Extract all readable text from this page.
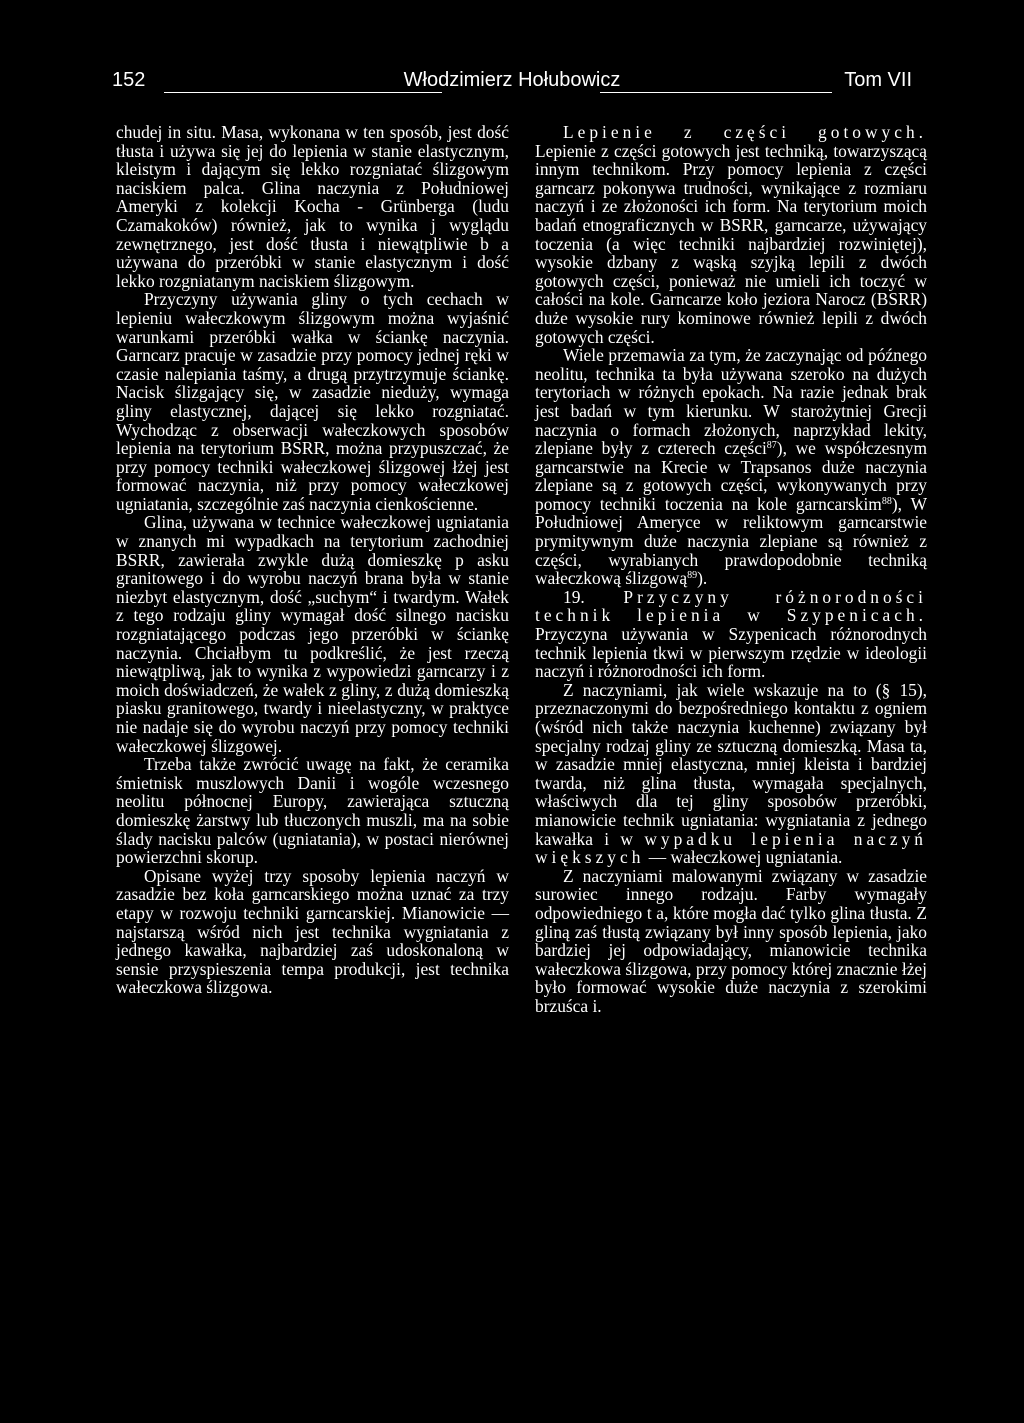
152	Włodzimierz Hołubowicz	Tom VII

chudej in situ. Masa, wykonana w ten sposób, jest dość tłusta i używa się jej do lepienia w stanie elastycznym, kleistym i dającym się lekko rozgniatać ślizgowym naciskiem palca. Glina naczynia z Południowej Ameryki z kolekcji Kocha - Grünberga (ludu Czamakoków) również, jak to wynika j wyglądu zewnętrznego, jest dość tłusta i niewątpliwie b a używana do przeróbki w stanie elastycznym i dość lekko rozgniatanym naciskiem ślizgowym.

Przyczyny używania gliny o tych cechach w lepieniu wałeczkowym ślizgowym można wyjaśnić warunkami przeróbki wałka w ściankę naczynia. Garncarz pracuje w zasadzie przy pomocy jednej ręki w czasie nalepiania taśmy, a drugą przytrzymuje ściankę. Nacisk ślizgający się, w zasadzie nieduży, wymaga gliny elastycznej, dającej się lekko rozgniatać. Wychodząc z obserwacji wałeczkowych sposobów lepienia na terytorium BSRR, można przypuszczać, że przy pomocy techniki wałeczkowej ślizgowej łżej jest formować naczynia, niż przy pomocy wałeczkowej ugniatania, szczególnie zaś naczynia cienkościenne.

Glina, używana w technice wałeczkowej ugniatania w znanych mi wypadkach na terytorium zachodniej BSRR, zawierała zwykle dużą domieszkę p asku granitowego i do wyrobu naczyń brana była w stanie niezbyt elastycznym, dość „suchym“ i twardym. Wałek z tego rodzaju gliny wymagał dość silnego nacisku rozgniatającego podczas jego przeróbki w ściankę naczynia. Chciałbym tu podkreślić, że jest rzeczą niewątpliwą, jak to wynika z wypowiedzi garncarzy i z moich doświadczeń, że wałek z gliny, z dużą domieszką piasku granitowego, twardy i nieelastyczny, w praktyce nie nadaje się do wyrobu naczyń przy pomocy techniki wałeczkowej ślizgowej.

Trzeba także zwrócić uwagę na fakt, że ceramika śmietnisk muszlowych Danii i wogóle wczesnego neolitu północnej Europy, zawierająca sztuczną domieszkę żarstwy lub tłuczonych muszli, ma na sobie ślady nacisku palców (ugniatania), w postaci nierównej powierzchni skorup.

Opisane wyżej trzy sposoby lepienia naczyń w zasadzie bez koła garncarskiego można uznać za trzy etapy w rozwoju techniki garncarskiej. Mianowicie — najstarszą wśród nich jest technika wygniatania z jednego kawałka, najbardziej zaś udoskonaloną w sensie przyspieszenia tempa produkcji, jest technika wałeczkowa ślizgowa.

Lepienie z części gotowych. Lepienie z części gotowych jest techniką, towarzyszącą innym technikom. Przy pomocy lepienia z części garncarz pokonywa trudności, wynikające z rozmiaru naczyń i ze złożoności ich form. Na terytorium moich badań etnograficznych w BSRR, garncarze, używający toczenia (a więc techniki najbardziej rozwiniętej), wysokie dzbany z wąską szyjką lepili z dwóch gotowych części, ponieważ nie umieli ich toczyć w całości na kole. Garncarze koło jeziora Narocz (BSRR) duże wysokie rury kominowe również lepili z dwóch gotowych części.

Wiele przemawia za tym, że zaczynając od późnego neolitu, technika ta była używana szeroko na dużych terytoriach w różnych epokach. Na razie jednak brak jest badań w tym kierunku. W starożytniej Grecji naczynia o formach złożonych, naprzykład lekity, zlepiane były z czterech części$^{87}$), we współczesnym garncarstwie na Krecie w Trapsanos duże naczynia zlepiane są z gotowych części, wykonywanych przy pomocy techniki toczenia na kole garncarskim$^{88}$), W Południowej Ameryce w reliktowym garncarstwie prymitywnym duże naczynia zlepiane są również z części, wyrabianych prawdopodobnie techniką wałeczkową ślizgową$^{89}$).

19. Przyczyny różnorodności technik lepienia w Szypenicach. Przyczyna używania w Szypenicach różnorodnych technik lepienia tkwi w pierwszym rzędzie w ideologii naczyń i różnorodności ich form.

Z naczyniami, jak wiele wskazuje na to (§ 15), przeznaczonymi do bezpośredniego kontaktu z ogniem (wśród nich także naczynia kuchenne) związany był specjalny rodzaj gliny ze sztuczną domieszką. Masa ta, w zasadzie mniej elastyczna, mniej kleista i bardziej twarda, niż glina tłusta, wymagała specjalnych, właściwych dla tej gliny sposobów przeróbki, mianowicie technik ugniatania: wygniatania z jednego kawałka i w wypadku lepienia naczyń większych — wałeczkowej ugniatania.

Z naczyniami malowanymi związany w zasadzie surowiec innego rodzaju. Farby wymagały odpowiedniego t a, które mogła dać tylko glina tłusta. Z gliną zaś tłustą związany był inny sposób lepienia, jako bardziej jej odpowiadający, mianowicie technika wałeczkowa ślizgowa, przy pomocy której znacznie łżej było formować wysokie duże naczynia z szerokimi brzuśca i.
